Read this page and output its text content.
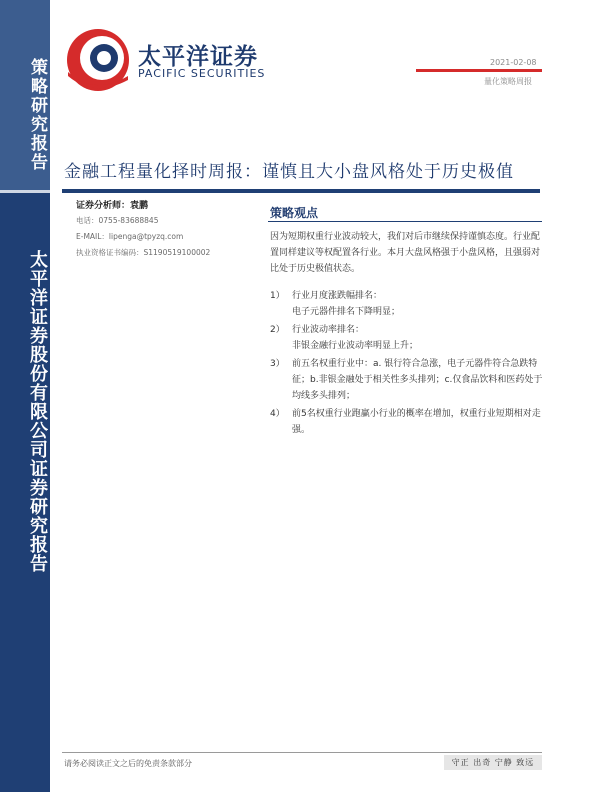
策略研究报告
太平洋证券股份有限公司证券研究报告
太平洋证券
PACIFIC SECURITIES
2021-02-08
量化策略周报
金融工程量化择时周报：谨慎且大小盘风格处于历史极值
证券分析师：袁鹏
电话：0755-83688845
E-MAIL：lipenga@tpyzq.com
执业资格证书编码：S1190519100002
策略观点
因为短期权重行业波动较大，我们对后市继续保持谨慎态度。行业配置同样建议等权配置各行业。本月大盘风格强于小盘风格，且强弱对比处于历史极值状态。
1） 行业月度涨跌幅排名：
电子元器件排名下降明显；
2） 行业波动率排名：
非银金融行业波动率明显上升；
3） 前五名权重行业中：a. 银行符合急涨，电子元器件符合急跌特征；b.非银金融处于相关性多头排列；c.仅食品饮料和医药处于均线多头排列；
4） 前5名权重行业跑赢小行业的概率在增加，权重行业短期相对走强。
请务必阅读正文之后的免责条款部分	守正 出奇 宁静 致远
